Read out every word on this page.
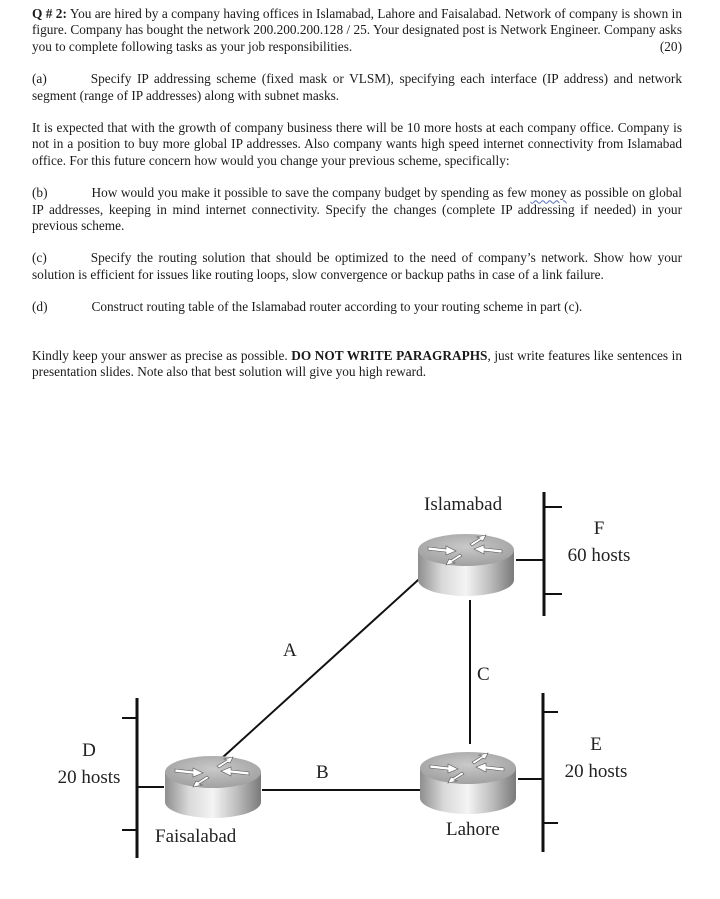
Q # 2: You are hired by a company having offices in Islamabad, Lahore and Faisalabad. Network of company is shown in figure. Company has bought the network 200.200.200.128 / 25. Your designated post is Network Engineer. Company asks you to complete following tasks as your job responsibilities.	(20)

(a)	Specify IP addressing scheme (fixed mask or VLSM), specifying each interface (IP address) and network segment (range of IP addresses) along with subnet masks.

It is expected that with the growth of company business there will be 10 more hosts at each company office. Company is not in a position to buy more global IP addresses. Also company wants high speed internet connectivity from Islamabad office. For this future concern how would you change your previous scheme, specifically:

(b)	How would you make it possible to save the company budget by spending as few money as possible on global IP addresses, keeping in mind internet connectivity. Specify the changes (complete IP addressing if needed) in your previous scheme.

(c)	Specify the routing solution that should be optimized to the need of company’s network. Show how your solution is efficient for issues like routing loops, slow convergence or backup paths in case of a link failure.

(d)	Construct routing table of the Islamabad router according to your routing scheme in part (c).

Kindly keep your answer as precise as possible. DO NOT WRITE PARAGRAPHS, just write features like sentences in presentation slides. Note also that best solution will give you high reward.

Islamabad
Lahore
Faisalabad
A
B
C
F
60 hosts
E
20 hosts
D
20 hosts
